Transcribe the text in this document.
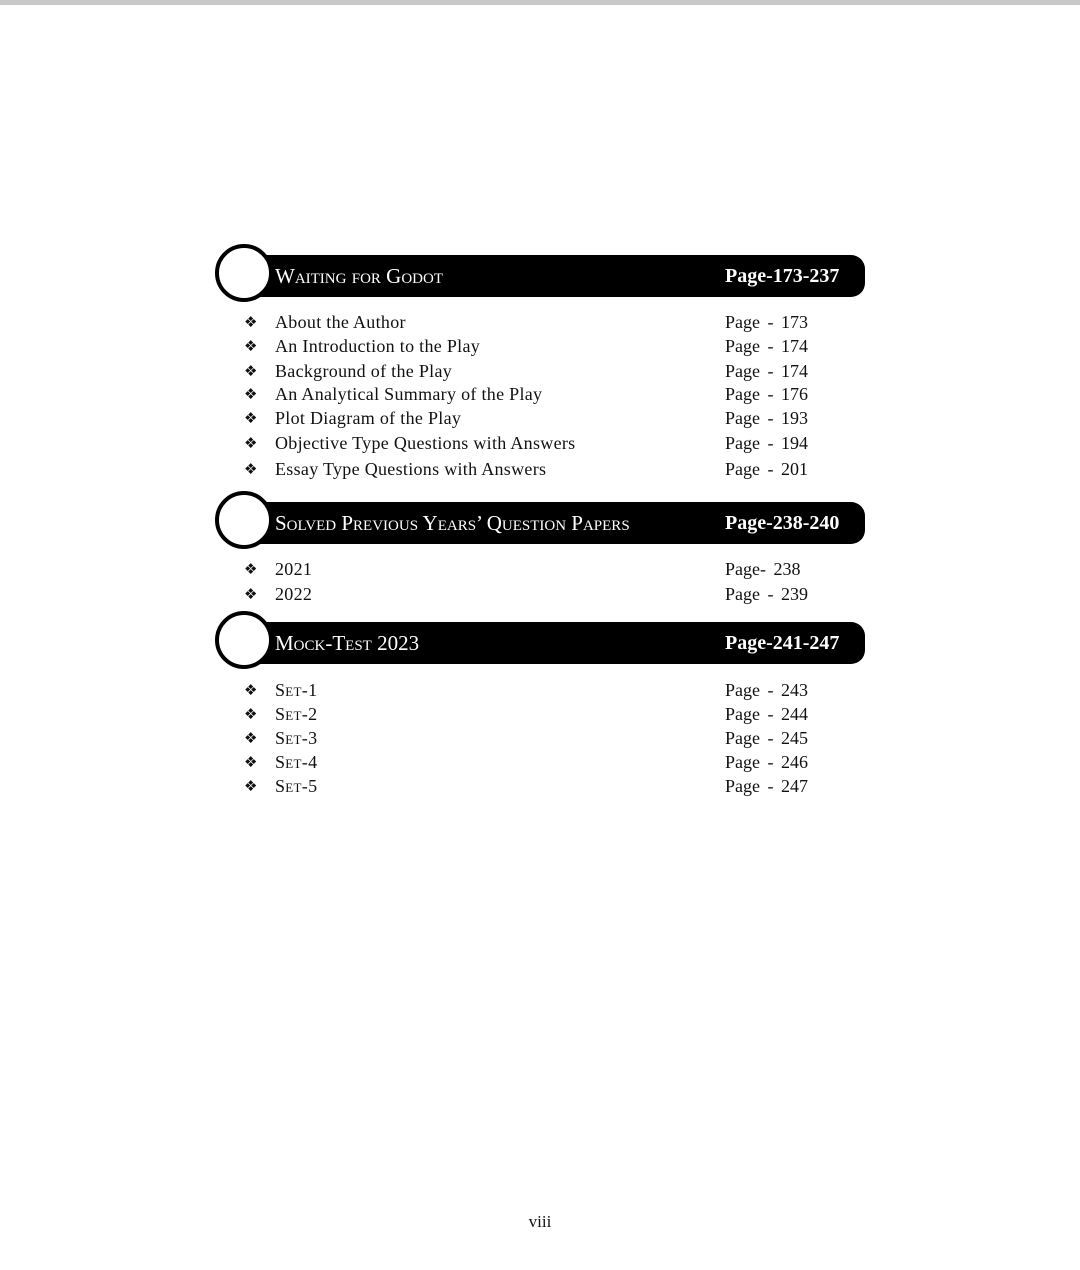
Waiting for Godot	Page-173-237
❖ About the Author	Page - 173
❖ An Introduction to the Play	Page - 174
❖ Background of the Play	Page - 174
❖ An Analytical Summary of the Play	Page - 176
❖ Plot Diagram of the Play	Page - 193
❖ Objective Type Questions with Answers	Page - 194
❖ Essay Type Questions with Answers	Page - 201
Solved Previous Years’ Question Papers	Page-238-240
❖ 2021	Page- 238
❖ 2022	Page - 239
Mock-Test 2023	Page-241-247
❖ Set-1	Page - 243
❖ Set-2	Page - 244
❖ Set-3	Page - 245
❖ Set-4	Page - 246
❖ Set-5	Page - 247
viii
